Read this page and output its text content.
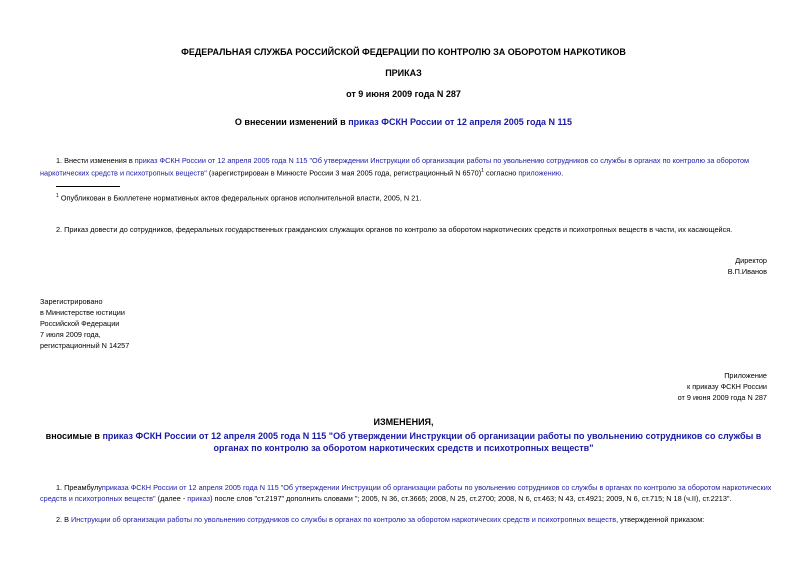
ФЕДЕРАЛЬНАЯ СЛУЖБА РОССИЙСКОЙ ФЕДЕРАЦИИ ПО КОНТРОЛЮ ЗА ОБОРОТОМ НАРКОТИКОВ
ПРИКАЗ
от 9 июня 2009 года N 287
О внесении изменений в приказ ФСКН России от 12 апреля 2005 года N 115
1. Внести изменения в приказ ФСКН России от 12 апреля 2005 года N 115 "Об утверждении Инструкции об организации работы по увольнению сотрудников со службы в органах по контролю за оборотом
наркотических средств и психотропных веществ" (зарегистрирован в Минюсте России 3 мая 2005 года, регистрационный N 6570)$^1$ согласно приложению.
$^1$ Опубликован в Бюллетене нормативных актов федеральных органов исполнительной власти, 2005, N 21.
2. Приказ довести до сотрудников, федеральных государственных гражданских служащих органов по контролю за оборотом наркотических средств и психотропных веществ в части, их касающейся.
Директор
В.П.Иванов
Зарегистрировано
в Министерстве юстиции
Российской Федерации
7 июля 2009 года,
регистрационный N 14257
Приложение
к приказу ФСКН России
от 9 июня 2009 года N 287
ИЗМЕНЕНИЯ,
вносимые в приказ ФСКН России от 12 апреля 2005 года N 115 "Об утверждении Инструкции об организации работы по увольнению сотрудников со службы в
органах по контролю за оборотом наркотических средств и психотропных веществ"
1. Преамбулуприказа ФСКН России от 12 апреля 2005 года N 115 "Об утверждении Инструкции об организации работы по увольнению сотрудников со службы в органах по контролю за оборотом наркотических
средств и психотропных веществ" (далее - приказ) после слов "ст.2197" дополнить словами "; 2005, N 36, ст.3665; 2008, N 25, ст.2700; 2008, N 6, ст.463; N 43, ст.4921; 2009, N 6, ст.715; N 18 (ч.II), ст.2213".
2. В Инструкции об организации работы по увольнению сотрудников со службы в органах по контролю за оборотом наркотических средств и психотропных веществ, утвержденной приказом:
